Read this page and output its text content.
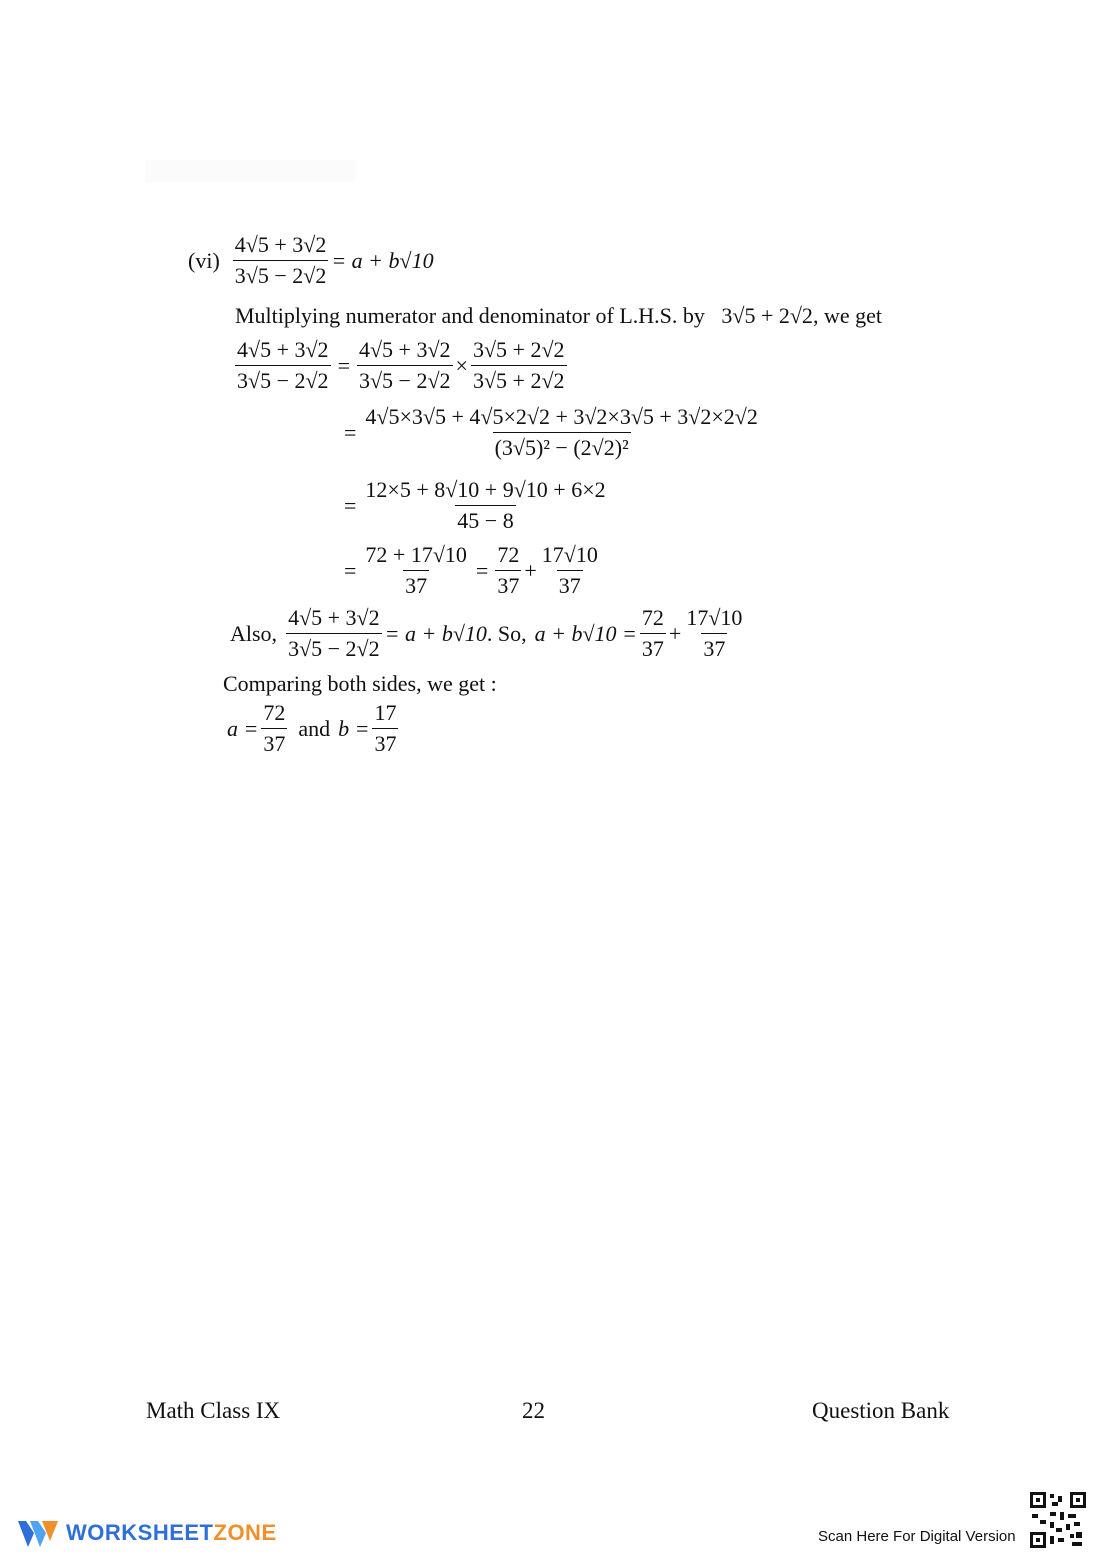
$(vi) \frac{4√5 + 3√2}{3√5 - 2√2} = a + b√10$
Multiplying numerator and denominator of L.H.S. by 3√5 + 2√2, we get
$\frac{4√5 + 3√2}{3√5 - 2√2} = \frac{4√5 + 3√2}{3√5 - 2√2} \times \frac{3√5 + 2√2}{3√5 + 2√2}$
= $\frac{4√5\times 3√5 + 4√5\times 2√2 + 3√2\times 3√5 + 3√2\times 2√2}{\text{(3√5)² − (2√2)²}}$
= $\frac{12\times 5 + 8√10 + 9√10 + 6\times 2}{45 - 8}$
= $\frac{72 + 17√10}{37} = \frac{72}{37} + \frac{17√10}{37}$
Also, $\frac{4√5 + 3√2}{3√5 - 2√2} = a + b√10$ . So, $a + b√10 = \frac{72}{37} + \frac{17√10}{37}$
Comparing both sides, we get :
$a = \frac{72}{37}$ and $b = \frac{17}{37}$
Math Class IX	22	Question Bank
WORKSHEETZONE	Scan Here For Digital Version
